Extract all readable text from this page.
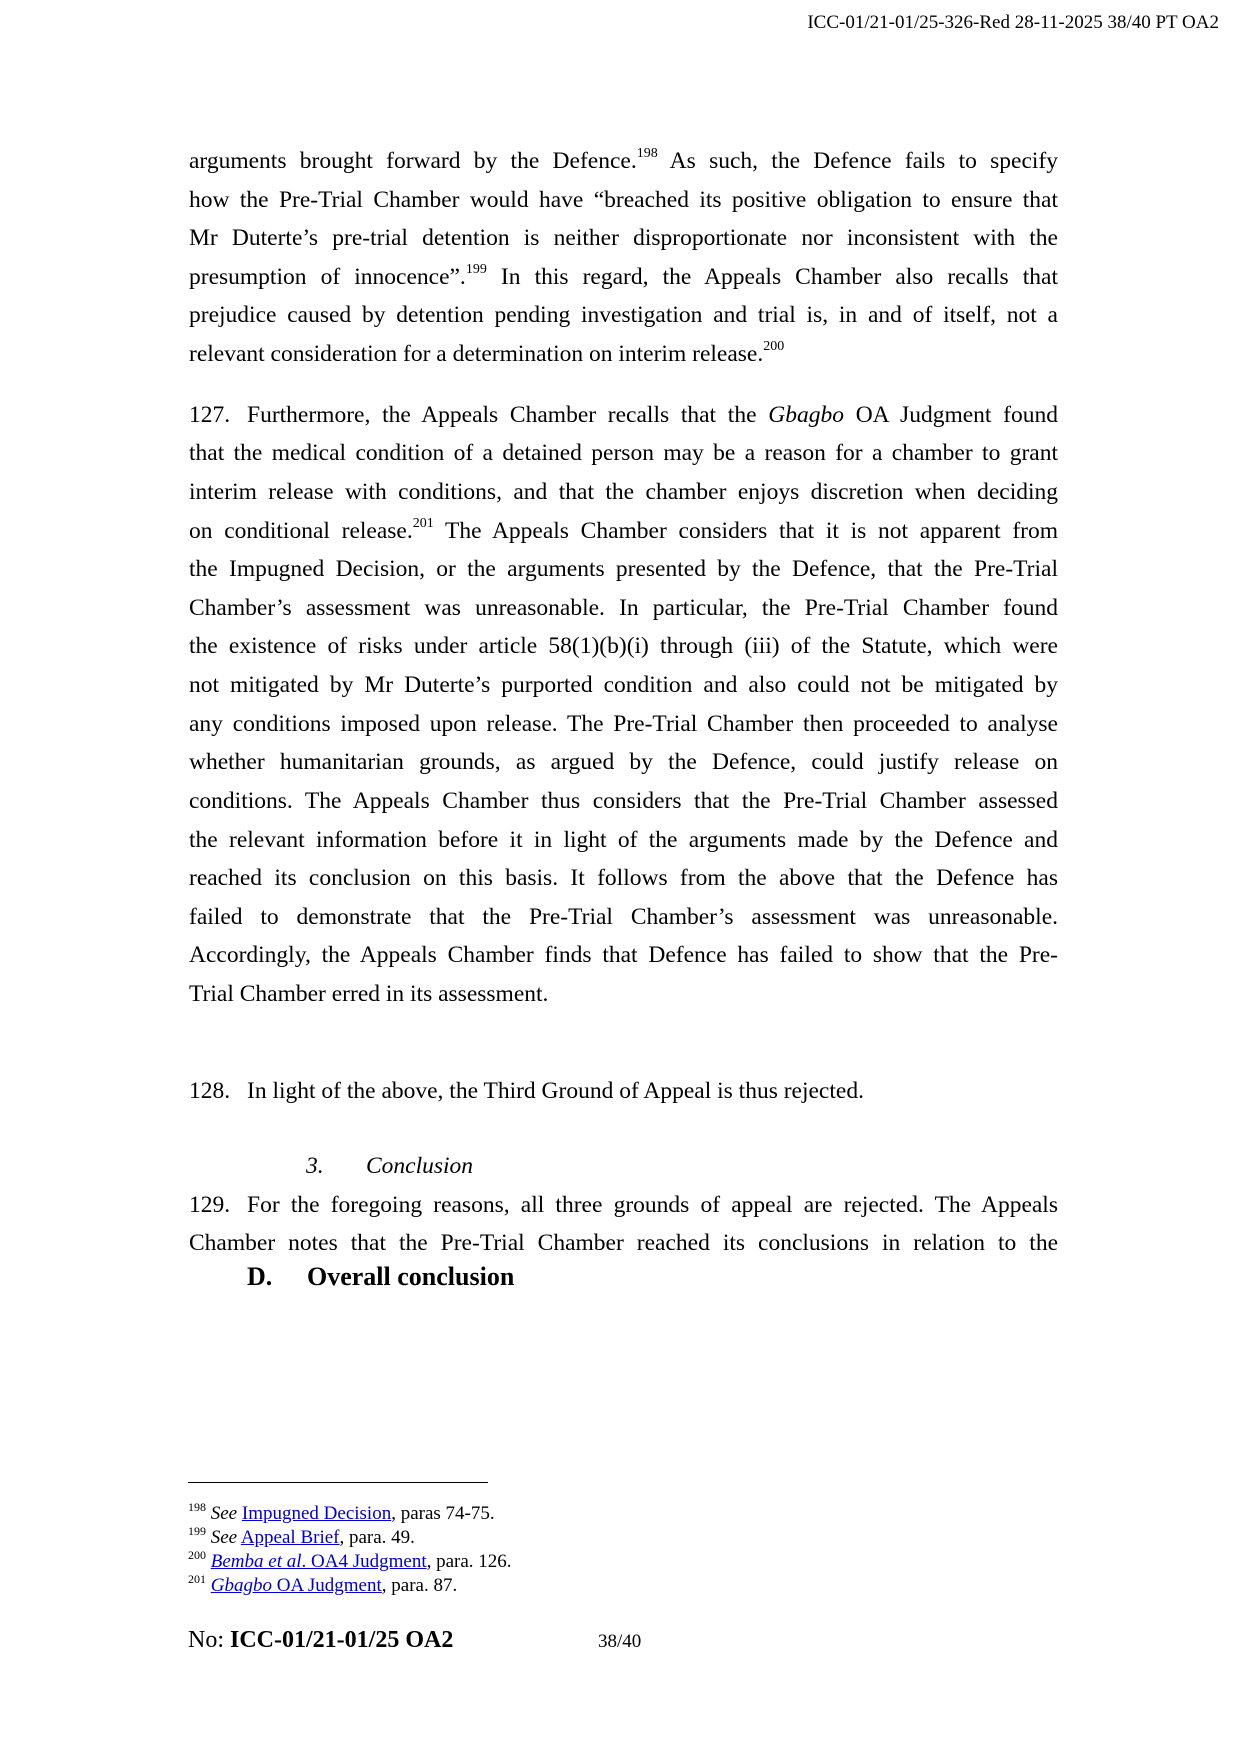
ICC-01/21-01/25-326-Red 28-11-2025 38/40 PT OA2
arguments brought forward by the Defence.$^{198}$ As such, the Defence fails to specify
how the Pre-Trial Chamber would have “breached its positive obligation to ensure that
Mr Duterte’s pre-trial detention is neither disproportionate nor inconsistent with the
presumption of innocence”.$^{199}$ In this regard, the Appeals Chamber also recalls that
prejudice caused by detention pending investigation and trial is, in and of itself, not a
relevant consideration for a determination on interim release.$^{200}$
127. Furthermore, the Appeals Chamber recalls that the Gbagbo OA Judgment found
that the medical condition of a detained person may be a reason for a chamber to grant
interim release with conditions, and that the chamber enjoys discretion when deciding
on conditional release.$^{201}$ The Appeals Chamber considers that it is not apparent from
the Impugned Decision, or the arguments presented by the Defence, that the Pre-Trial
Chamber’s assessment was unreasonable. In particular, the Pre-Trial Chamber found
the existence of risks under article 58(1)(b)(i) through (iii) of the Statute, which were
not mitigated by Mr Duterte’s purported condition and also could not be mitigated by
any conditions imposed upon release. The Pre-Trial Chamber then proceeded to analyse
whether humanitarian grounds, as argued by the Defence, could justify release on
conditions. The Appeals Chamber thus considers that the Pre-Trial Chamber assessed
the relevant information before it in light of the arguments made by the Defence and
reached its conclusion on this basis. It follows from the above that the Defence has
failed to demonstrate that the Pre-Trial Chamber’s assessment was unreasonable.
Accordingly, the Appeals Chamber finds that Defence has failed to show that the Pre-
Trial Chamber erred in its assessment.
3. Conclusion
128. In light of the above, the Third Ground of Appeal is thus rejected.
D. Overall conclusion
129. For the foregoing reasons, all three grounds of appeal are rejected. The Appeals
Chamber notes that the Pre-Trial Chamber reached its conclusions in relation to the
$^{198}$ See Impugned Decision, paras 74-75.
$^{199}$ See Appeal Brief, para. 49.
$^{200}$ Bemba et al. OA4 Judgment, para. 126.
$^{201}$ Gbagbo OA Judgment, para. 87.
No: ICC-01/21-01/25 OA2	38/40
